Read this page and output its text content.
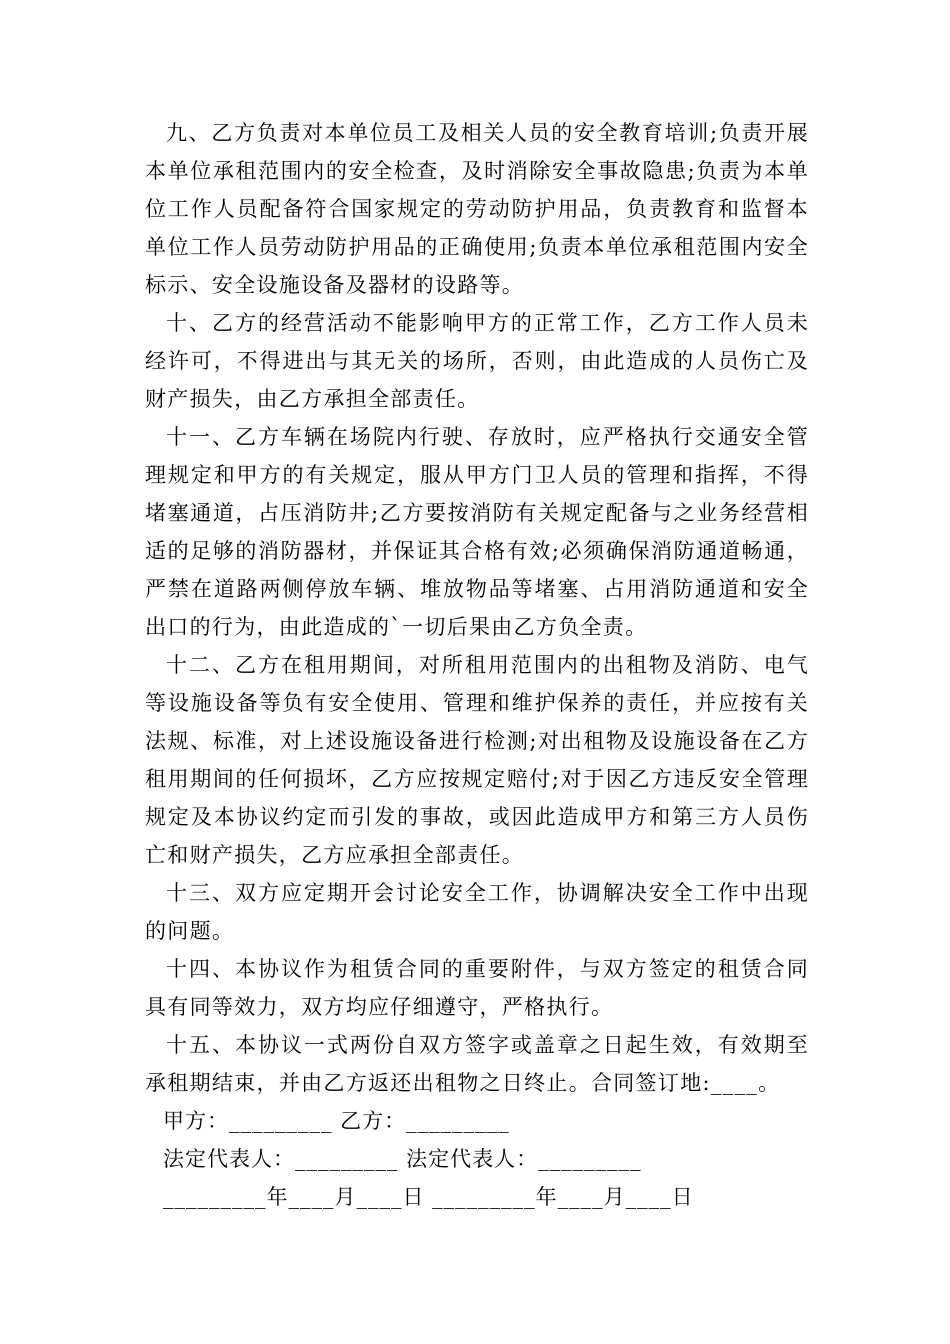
九、乙方负责对本单位员工及相关人员的安全教育培训;负责开展本单位承租范围内的安全检查，及时消除安全事故隐患;负责为本单位工作人员配备符合国家规定的劳动防护用品，负责教育和监督本单位工作人员劳动防护用品的正确使用;负责本单位承租范围内安全标示、安全设施设备及器材的设路等。

十、乙方的经营活动不能影响甲方的正常工作，乙方工作人员未经许可，不得进出与其无关的场所，否则，由此造成的人员伤亡及财产损失，由乙方承担全部责任。

十一、乙方车辆在场院内行驶、存放时，应严格执行交通安全管理规定和甲方的有关规定，服从甲方门卫人员的管理和指挥，不得堵塞通道，占压消防井;乙方要按消防有关规定配备与之业务经营相适的足够的消防器材，并保证其合格有效;必须确保消防通道畅通，严禁在道路两侧停放车辆、堆放物品等堵塞、占用消防通道和安全出口的行为，由此造成的`一切后果由乙方负全责。

十二、乙方在租用期间，对所租用范围内的出租物及消防、电气等设施设备等负有安全使用、管理和维护保养的责任，并应按有关法规、标准，对上述设施设备进行检测;对出租物及设施设备在乙方租用期间的任何损坏，乙方应按规定赔付;对于因乙方违反安全管理规定及本协议约定而引发的事故，或因此造成甲方和第三方人员伤亡和财产损失，乙方应承担全部责任。

十三、双方应定期开会讨论安全工作，协调解决安全工作中出现的问题。

十四、本协议作为租赁合同的重要附件，与双方签定的租赁合同具有同等效力，双方均应仔细遵守，严格执行。

十五、本协议一式两份自双方签字或盖章之日起生效，有效期至承租期结束，并由乙方返还出租物之日终止。合同签订地:____。

甲方：_________ 乙方：_________

法定代表人：_________ 法定代表人：_________

_________年____月____日 _________年____月____日
